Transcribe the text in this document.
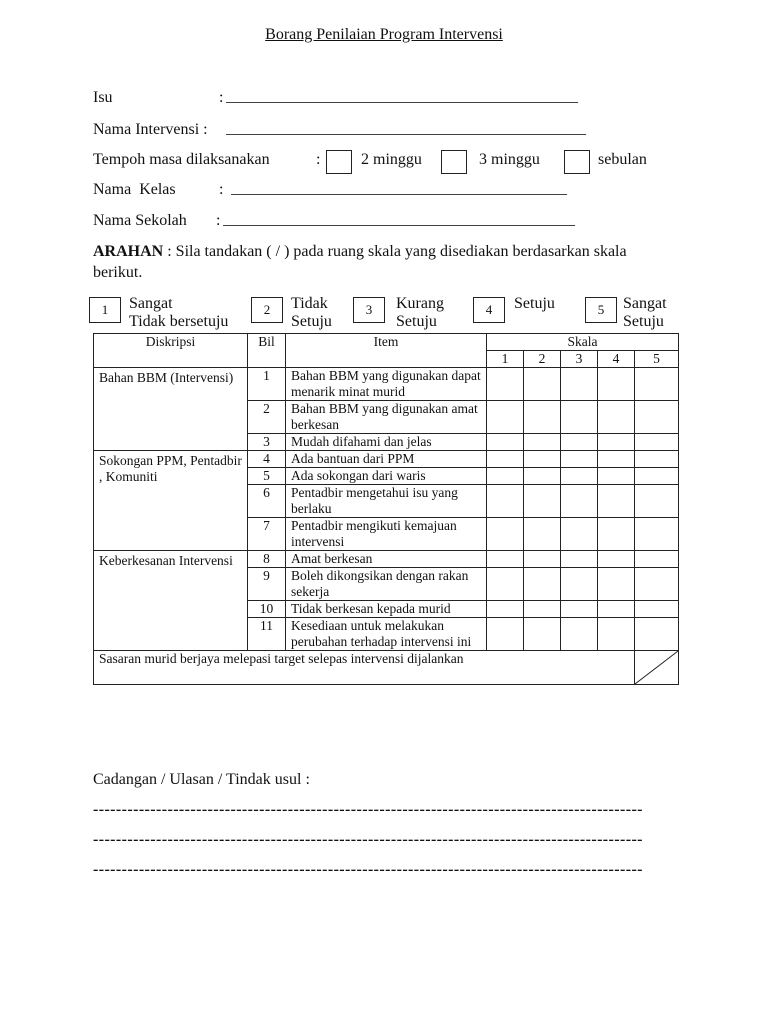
Borang Penilaian Program Intervensi
Isu	: ____________________________________________
Nama Intervensi : _____________________________________________
Tempoh masa dilaksanakan	:	2 minggu	3 minggu	sebulan
Nama  Kelas	: __________________________________________
Nama Sekolah : ____________________________________________
ARAHAN : Sila tandakan ( / ) pada ruang skala yang disediakan berdasarkan skala berikut.
1	Sangat
Tidak bersetuju
2	Tidak
Setuju
3	Kurang
Setuju
4	Setuju	5	Sangat
Setuju
Diskripsi	Bil	Item	Skala				
			1	2	3	4	5
Bahan BBM (Intervensi)	1	Bahan BBM yang digunakan dapat menarik minat murid					
	2	Bahan BBM yang digunakan amat berkesan					
	3	Mudah difahami dan jelas					
Sokongan PPM, Pentadbir , Komuniti	4	Ada bantuan dari PPM					
	5	Ada sokongan dari waris					
	6	Pentadbir mengetahui isu yang berlaku					
	7	Pentadbir mengikuti kemajuan intervensi					
Keberkesanan Intervensi	8	Amat berkesan					
	9	Boleh dikongsikan dengan rakan sekerja					
	10	Tidak berkesan kepada murid					
	11	Kesediaan untuk melakukan perubahan terhadap intervensi ini					
Sasaran murid berjaya melepasi target selepas intervensi dijalankan	
Cadangan / Ulasan / Tindak usul :
------------------------------------------------------------------------------------------------
------------------------------------------------------------------------------------------------
------------------------------------------------------------------------------------------------
